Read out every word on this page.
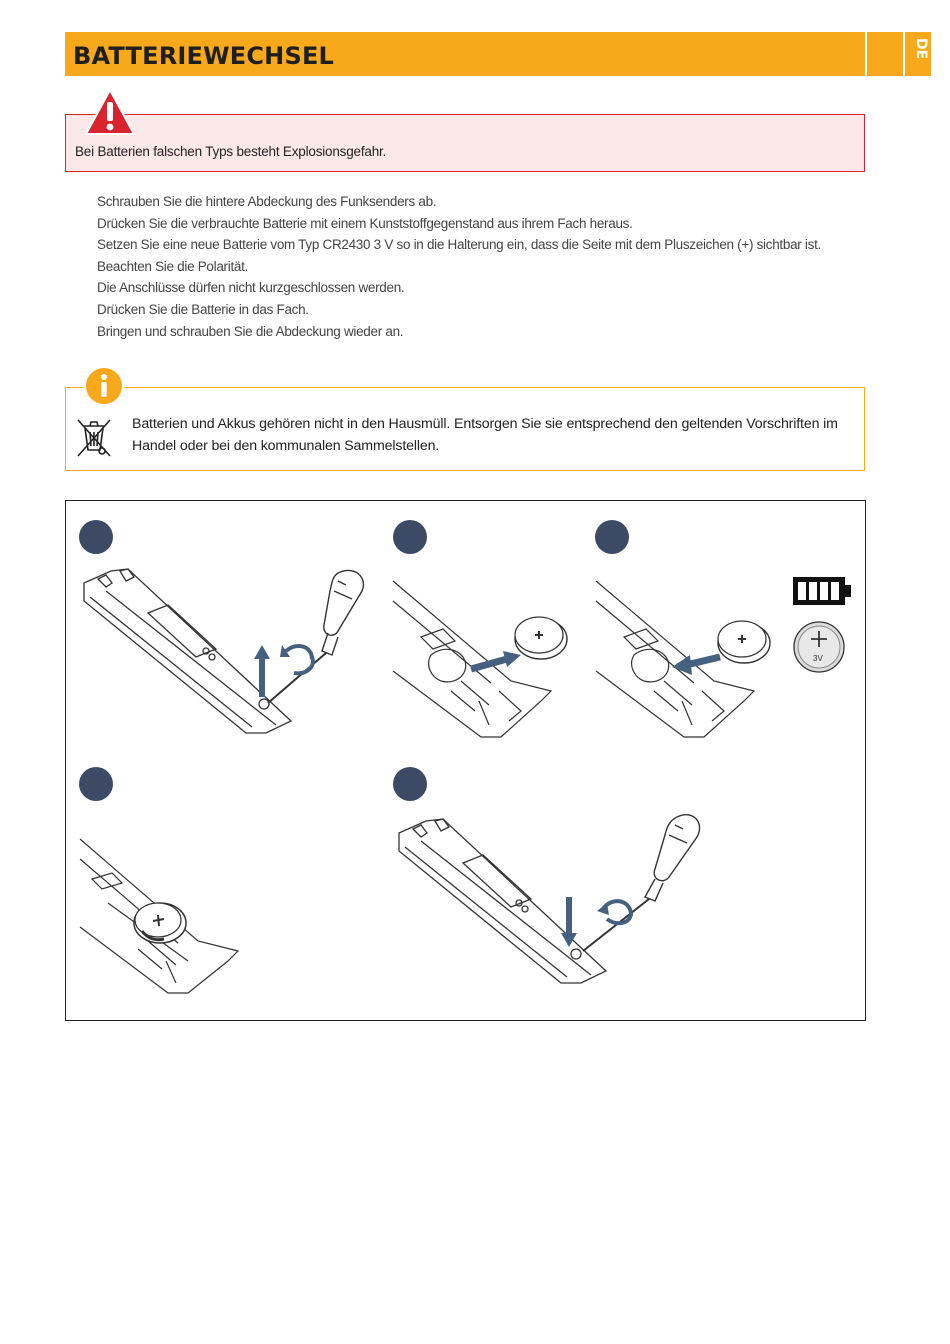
BATTERIEWECHSEL	DE
Bei Batterien falschen Typs besteht Explosionsgefahr.
Schrauben Sie die hintere Abdeckung des Funksenders ab.
Drücken Sie die verbrauchte Batterie mit einem Kunststoffgegenstand aus ihrem Fach heraus.
Setzen Sie eine neue Batterie vom Typ CR2430 3 V so in die Halterung ein, dass die Seite mit dem Pluszeichen (+) sichtbar ist.
Beachten Sie die Polarität.
Die Anschlüsse dürfen nicht kurzgeschlossen werden.
Drücken Sie die Batterie in das Fach.
Bringen und schrauben Sie die Abdeckung wieder an.
Batterien und Akkus gehören nicht in den Hausmüll. Entsorgen Sie sie entsprechend den geltenden Vorschriften im Handel oder bei den kommunalen Sammelstellen.
3V
